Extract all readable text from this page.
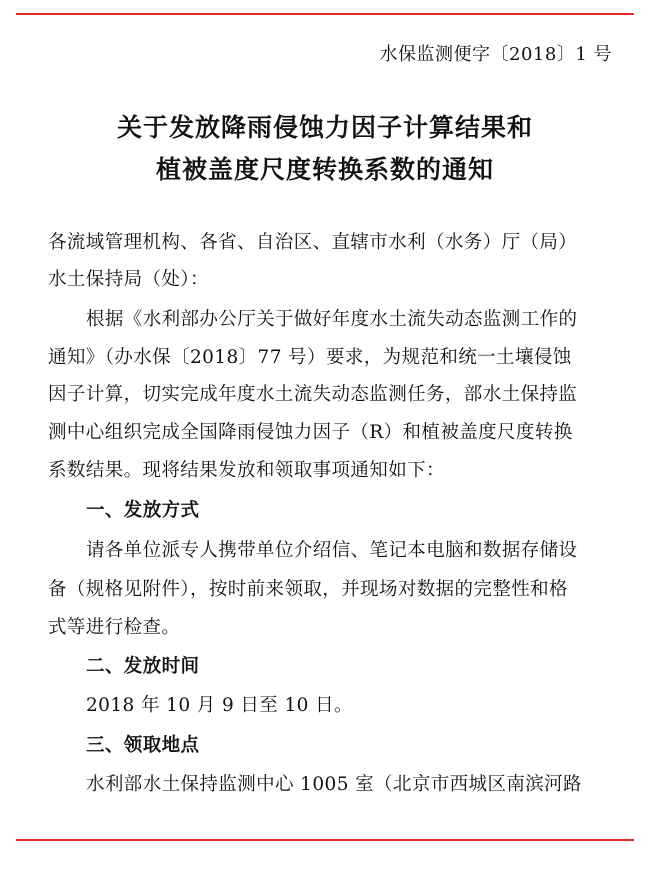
水保监测便字〔2018〕1 号
关于发放降雨侵蚀力因子计算结果和
植被盖度尺度转换系数的通知
各流域管理机构、各省、自治区、直辖市水利（水务）厅（局）
水土保持局（处）：
根据《水利部办公厅关于做好年度水土流失动态监测工作的
通知》（办水保〔2018〕77 号）要求，为规范和统一土壤侵蚀
因子计算，切实完成年度水土流失动态监测任务，部水土保持监
测中心组织完成全国降雨侵蚀力因子（R）和植被盖度尺度转换
系数结果。现将结果发放和领取事项通知如下：
一、发放方式
请各单位派专人携带单位介绍信、笔记本电脑和数据存储设
备（规格见附件），按时前来领取，并现场对数据的完整性和格
式等进行检查。
二、发放时间
2018 年 10 月 9 日至 10 日。
三、领取地点
水利部水土保持监测中心 1005 室（北京市西城区南滨河路
